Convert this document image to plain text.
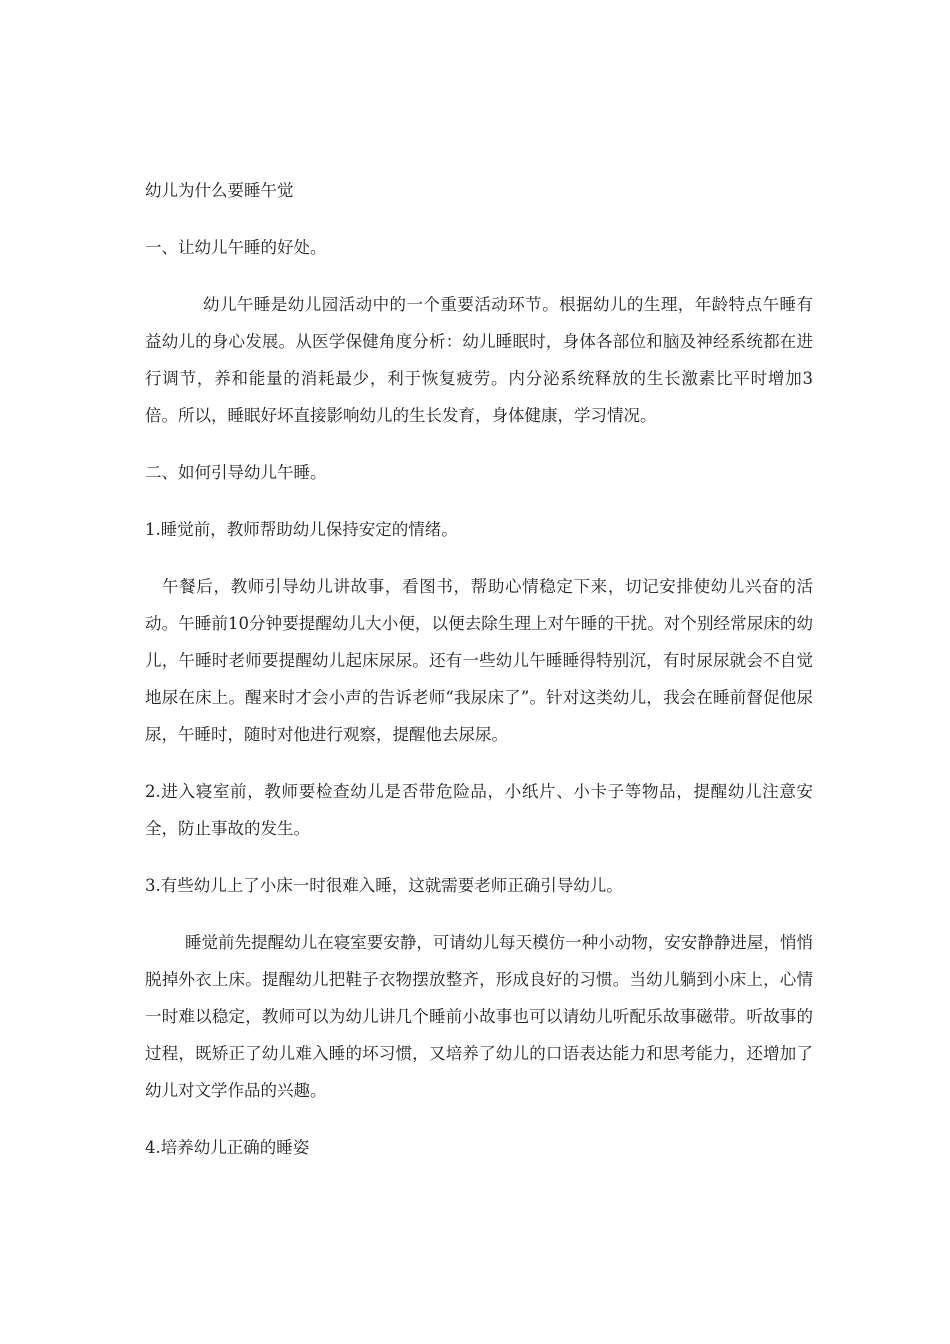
幼儿为什么要睡午觉

一、让幼儿午睡的好处。

幼儿午睡是幼儿园活动中的一个重要活动环节。根据幼儿的生理，年龄特点午睡有益幼儿的身心发展。从医学保健角度分析：幼儿睡眠时，身体各部位和脑及神经系统都在进行调节，养和能量的消耗最少，利于恢复疲劳。内分泌系统释放的生长激素比平时增加3倍。所以，睡眠好坏直接影响幼儿的生长发育，身体健康，学习情况。

二、如何引导幼儿午睡。

1.睡觉前，教师帮助幼儿保持安定的情绪。

午餐后，教师引导幼儿讲故事，看图书，帮助心情稳定下来，切记安排使幼儿兴奋的活动。午睡前10分钟要提醒幼儿大小便，以便去除生理上对午睡的干扰。对个别经常尿床的幼儿，午睡时老师要提醒幼儿起床尿尿。还有一些幼儿午睡睡得特别沉，有时尿尿就会不自觉地尿在床上。醒来时才会小声的告诉老师“我尿床了”。针对这类幼儿，我会在睡前督促他尿尿，午睡时，随时对他进行观察，提醒他去尿尿。

2.进入寝室前，教师要检查幼儿是否带危险品，小纸片、小卡子等物品，提醒幼儿注意安全，防止事故的发生。

3.有些幼儿上了小床一时很难入睡，这就需要老师正确引导幼儿。

睡觉前先提醒幼儿在寝室要安静，可请幼儿每天模仿一种小动物，安安静静进屋，悄悄脱掉外衣上床。提醒幼儿把鞋子衣物摆放整齐，形成良好的习惯。当幼儿躺到小床上，心情一时难以稳定，教师可以为幼儿讲几个睡前小故事也可以请幼儿听配乐故事磁带。听故事的过程，既矫正了幼儿难入睡的坏习惯，又培养了幼儿的口语表达能力和思考能力，还增加了幼儿对文学作品的兴趣。

4.培养幼儿正确的睡姿
